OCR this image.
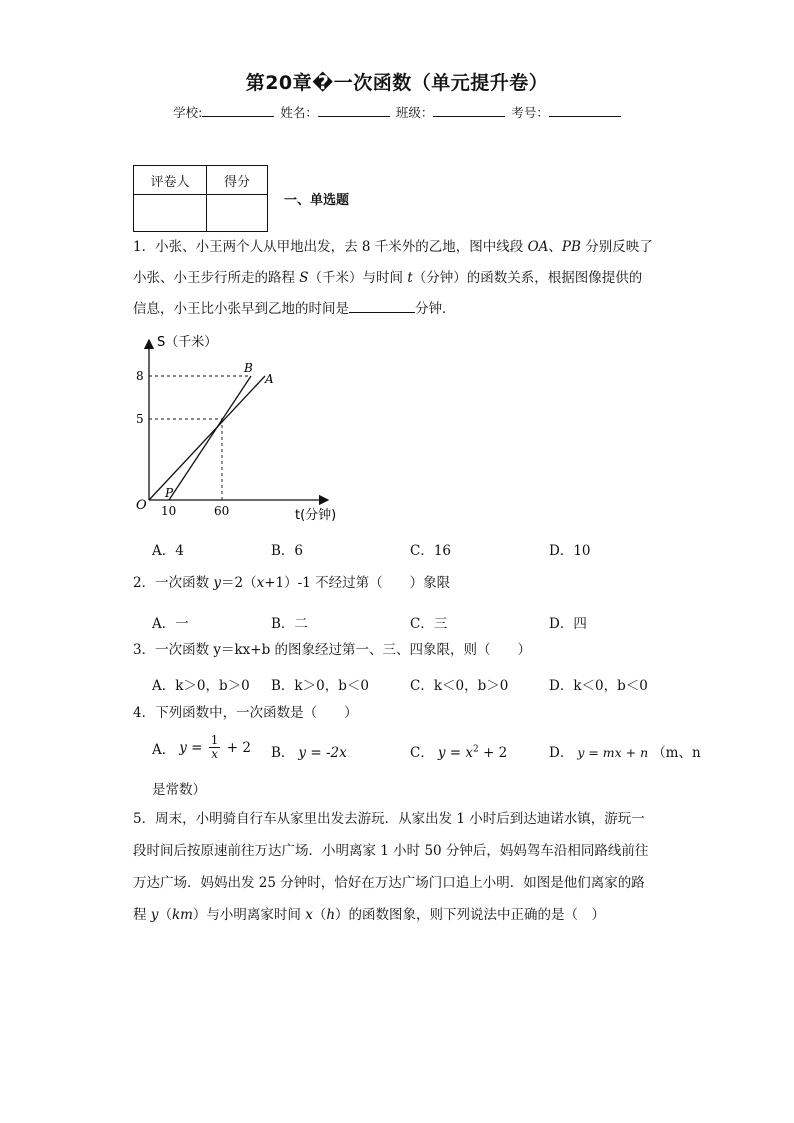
第20章�一次函数（单元提升卷）
学校:	姓名：	班级：	考号：
评卷人	得分

一、单选题
1．小张、小王两个人从甲地出发，去 8 千米外的乙地，图中线段 OA、PB 分别反映了
小张、小王步行所走的路程 S（千米）与时间 t（分钟）的函数关系，根据图像提供的
信息，小王比小张早到乙地的时间是	分钟．
S（千米）
t(分钟)
8
5
10	60
O
P
A
B
A．4	B．6	C．16	D．10
2．一次函数 y＝2（x+1）-1 不经过第（　　）象限
A．一	B．二	C．三	D．四
3．一次函数 y＝kx+b 的图象经过第一、三、四象限，则（　　）
A．k＞0，b＞0 B．k＞0，b＜0	C．k＜0，b＞0	D．k＜0，b＜0
4．下列函数中，一次函数是（　　）
A． $y = \frac{1}{x} + 2$ B． y = -2x	C． $y = x^2 + 2$	D． y = mx + n （m、n
是常数）
5．周末，小明骑自行车从家里出发去游玩．从家出发 1 小时后到达迪诺水镇，游玩一
段时间后按原速前往万达广场．小明离家 1 小时 50 分钟后，妈妈驾车沿相同路线前往
万达广场．妈妈出发 25 分钟时，恰好在万达广场门口追上小明．如图是他们离家的路
程 y（km）与小明离家时间 x（h）的函数图象，则下列说法中正确的是（　）
